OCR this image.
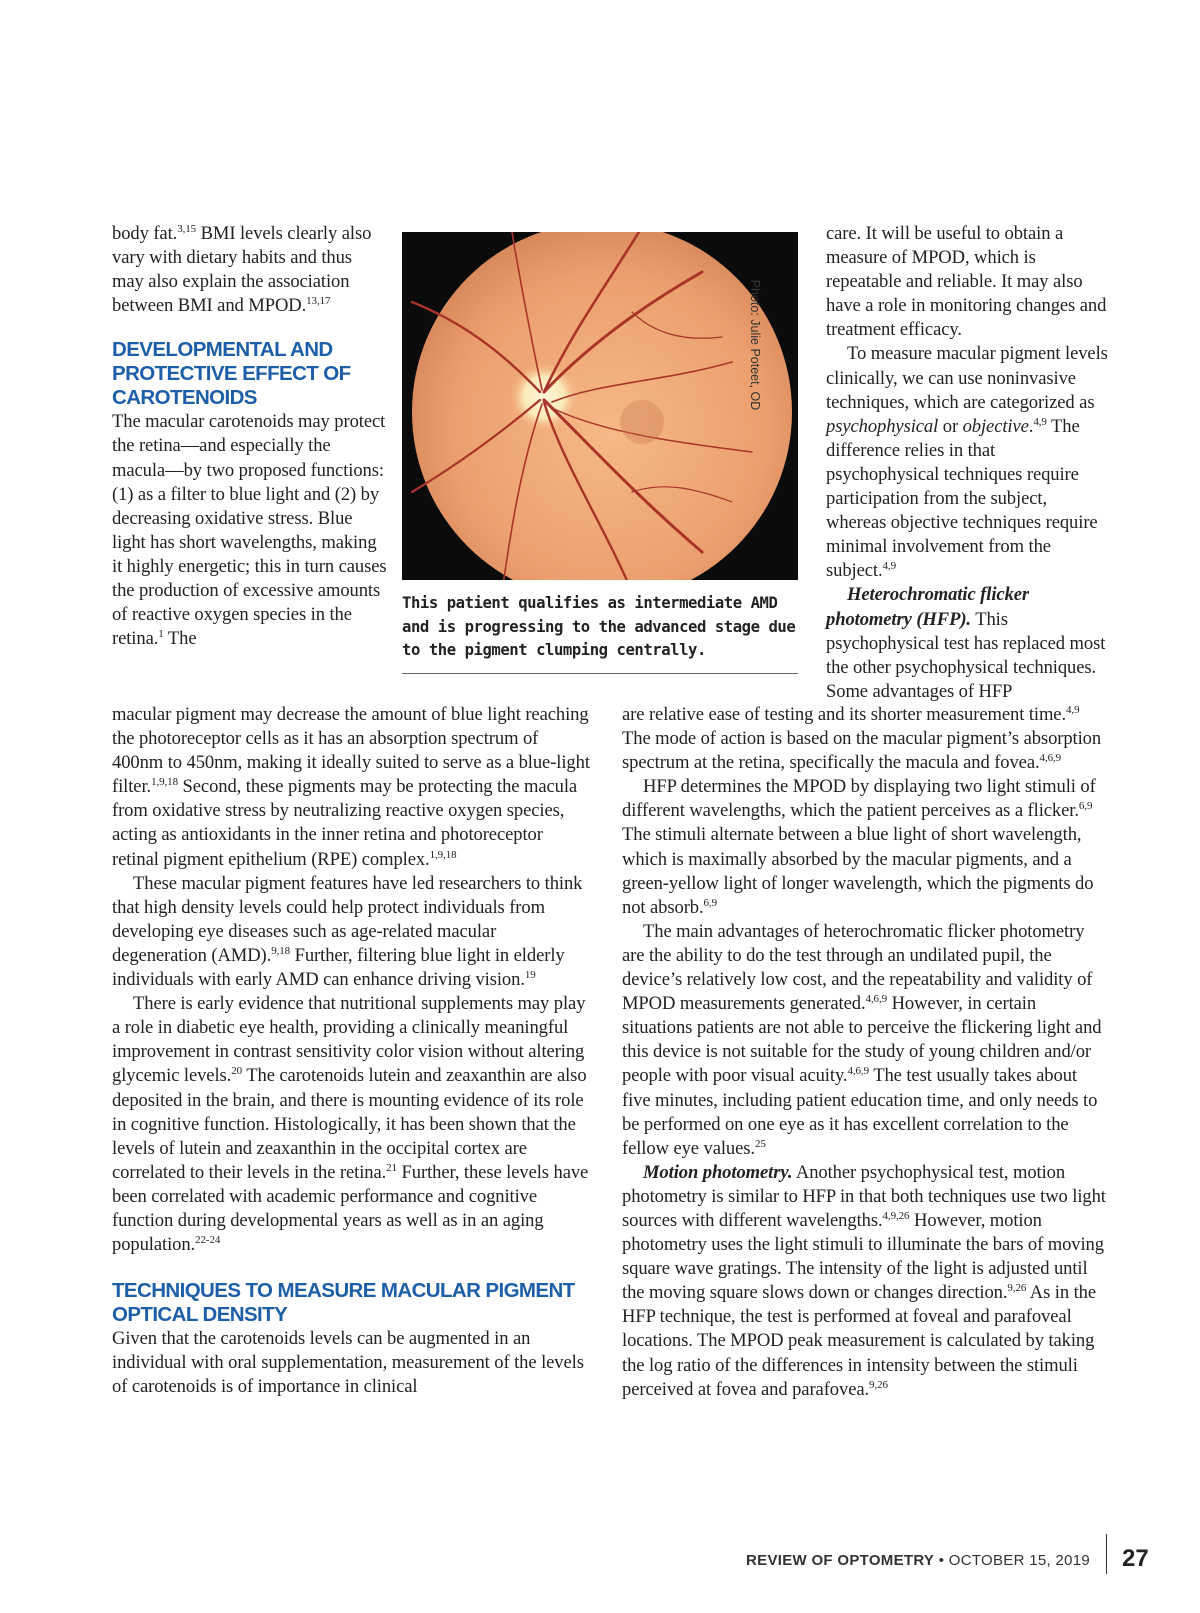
body fat.$^{3,15}$ BMI levels clearly also vary with dietary habits and thus may also explain the association between BMI and MPOD.$^{13,17}$

DEVELOPMENTAL AND PROTECTIVE EFFECT OF CAROTENOIDS

The macular carotenoids may protect the retina—and especially the macula—by two proposed functions: (1) as a filter to blue light and (2) by decreasing oxidative stress. Blue light has short wavelengths, making it highly energetic; this in turn causes the production of excessive amounts of reactive oxygen species in the retina.$^1$ The

macular pigment may decrease the amount of blue light reaching the photoreceptor cells as it has an absorption spectrum of 400nm to 450nm, making it ideally suited to serve as a blue-light filter.$^{1,9,18}$ Second, these pigments may be protecting the macula from oxidative stress by neutralizing reactive oxygen species, acting as antioxidants in the inner retina and photoreceptor retinal pigment epithelium (RPE) complex.$^{1,9,18}$

These macular pigment features have led researchers to think that high density levels could help protect individuals from developing eye diseases such as age-related macular degeneration (AMD).$^{9,18}$ Further, filtering blue light in elderly individuals with early AMD can enhance driving vision.$^{19}$

There is early evidence that nutritional supplements may play a role in diabetic eye health, providing a clinically meaningful improvement in contrast sensitivity color vision without altering glycemic levels.$^{20}$ The carotenoids lutein and zeaxanthin are also deposited in the brain, and there is mounting evidence of its role in cognitive function. Histologically, it has been shown that the levels of lutein and zeaxanthin in the occipital cortex are correlated to their levels in the retina.$^{21}$ Further, these levels have been correlated with academic performance and cognitive function during developmental years as well as in an aging population.$^{22-24}$

TECHNIQUES TO MEASURE MACULAR PIGMENT OPTICAL DENSITY

Given that the carotenoids levels can be augmented in an individual with oral supplementation, measurement of the levels of carotenoids is of importance in clinical

Photo: Julie Poteet, OD
This patient qualifies as intermediate AMD and is progressing to the advanced stage due to the pigment clumping centrally.

care. It will be useful to obtain a measure of MPOD, which is repeatable and reliable. It may also have a role in monitoring changes and treatment efficacy.

To measure macular pigment levels clinically, we can use noninvasive techniques, which are categorized as psychophysical or objective.$^{4,9}$ The difference relies in that psychophysical techniques require participation from the subject, whereas objective techniques require minimal involvement from the subject.$^{4,9}$

Heterochromatic flicker photometry (HFP). This psychophysical test has replaced most the other psychophysical techniques. Some advantages of HFP

are relative ease of testing and its shorter measurement time.$^{4,9}$ The mode of action is based on the macular pigment’s absorption spectrum at the retina, specifically the macula and fovea.$^{4,6,9}$

HFP determines the MPOD by displaying two light stimuli of different wavelengths, which the patient perceives as a flicker.$^{6,9}$ The stimuli alternate between a blue light of short wavelength, which is maximally absorbed by the macular pigments, and a green-yellow light of longer wavelength, which the pigments do not absorb.$^{6,9}$

The main advantages of heterochromatic flicker photometry are the ability to do the test through an undilated pupil, the device’s relatively low cost, and the repeatability and validity of MPOD measurements generated.$^{4,6,9}$ However, in certain situations patients are not able to perceive the flickering light and this device is not suitable for the study of young children and/or people with poor visual acuity.$^{4,6,9}$ The test usually takes about five minutes, including patient education time, and only needs to be performed on one eye as it has excellent correlation to the fellow eye values.$^{25}$

Motion photometry. Another psychophysical test, motion photometry is similar to HFP in that both techniques use two light sources with different wavelengths.$^{4,9,26}$ However, motion photometry uses the light stimuli to illuminate the bars of moving square wave gratings. The intensity of the light is adjusted until the moving square slows down or changes direction.$^{9,26}$ As in the HFP technique, the test is performed at foveal and parafoveal locations. The MPOD peak measurement is calculated by taking the log ratio of the differences in intensity between the stimuli perceived at fovea and parafovea.$^{9,26}$

REVIEW OF OPTOMETRY • OCTOBER 15, 2019 27
